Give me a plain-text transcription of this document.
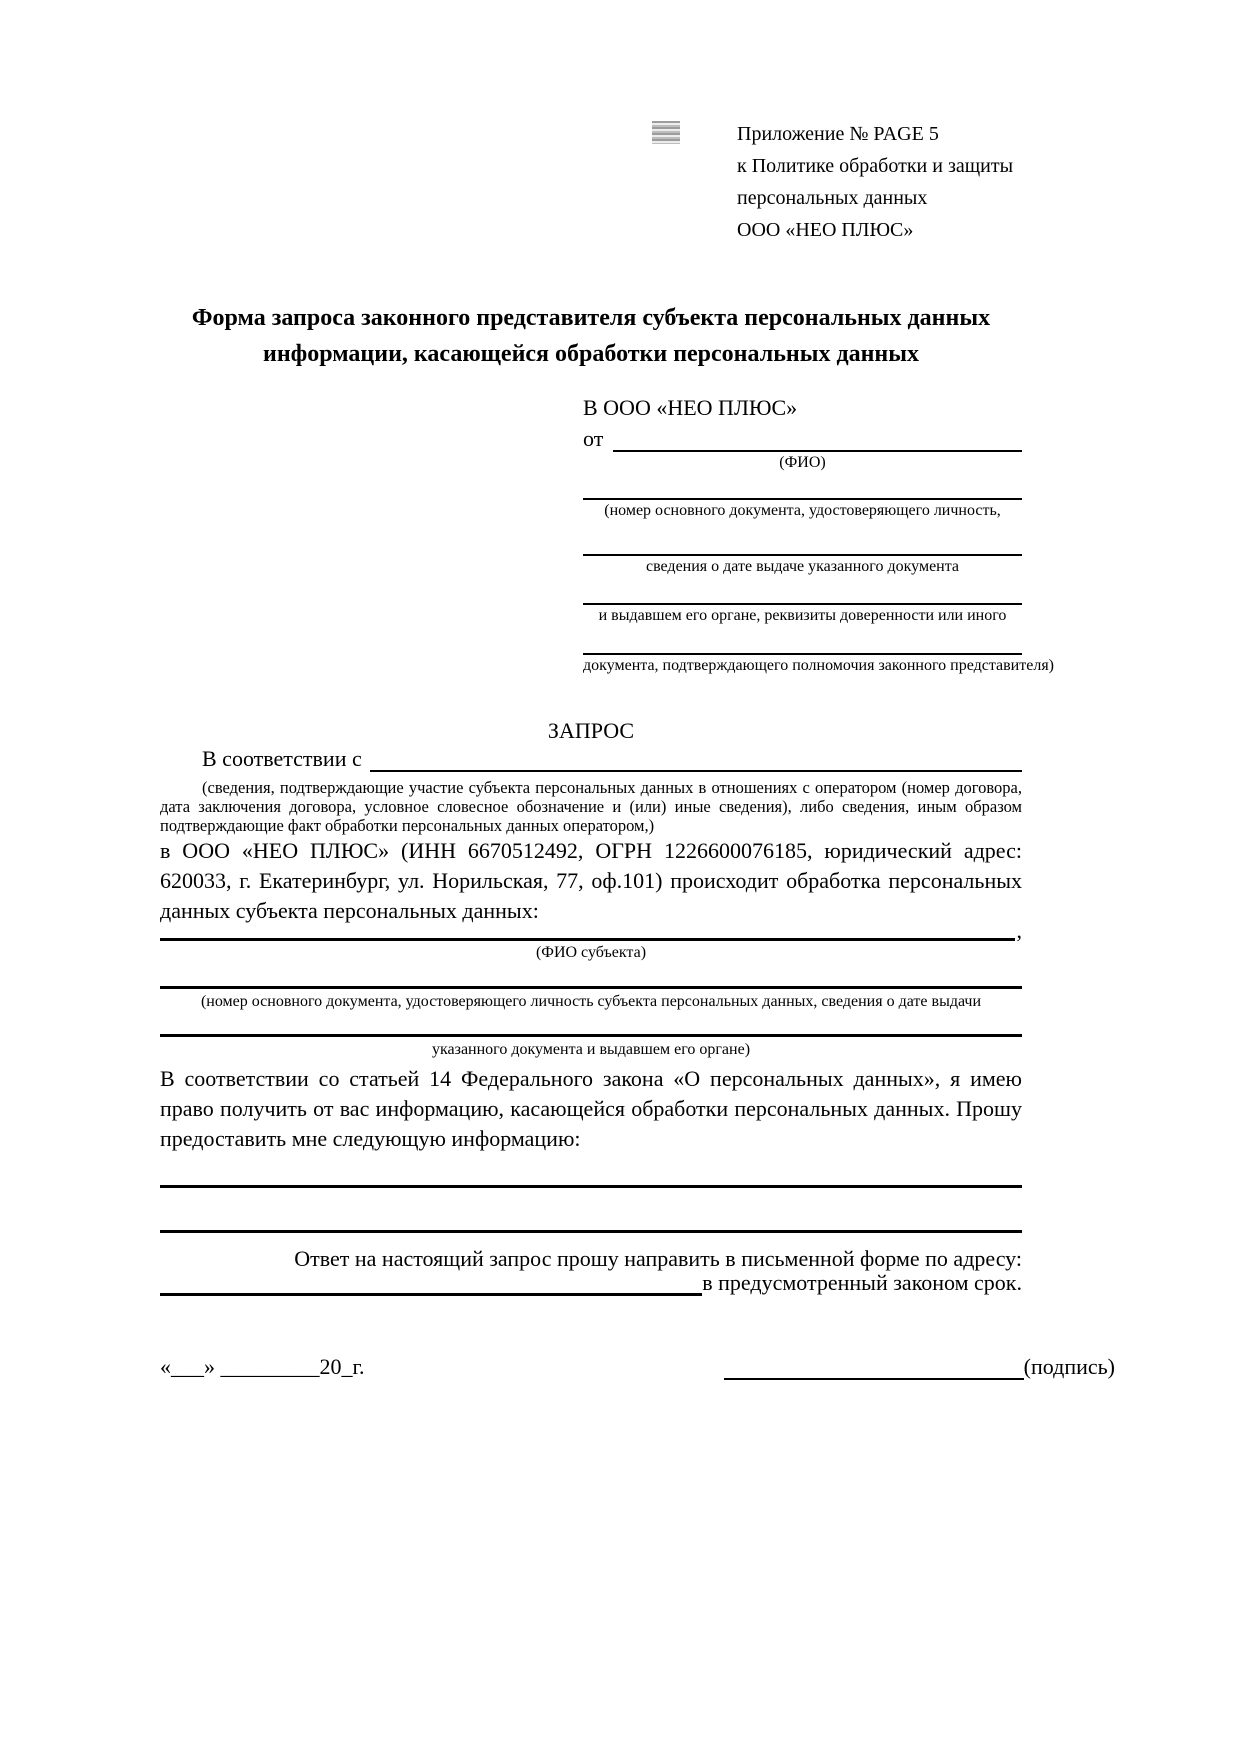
Приложение № PAGE 5
к Политике обработки и защиты
персональных данных
ООО «НЕО ПЛЮС»
Форма запроса законного представителя субъекта персональных данных
информации, касающейся обработки персональных данных
В ООО «НЕО ПЛЮС»
от
(ФИО)
(номер основного документа, удостоверяющего личность,
сведения о дате выдаче указанного документа
и выдавшем его органе, реквизиты доверенности или иного
документа, подтверждающего полномочия законного представителя)
ЗАПРОС
В соответствии с
(сведения, подтверждающие участие субъекта персональных данных в отношениях с оператором (номер договора, дата заключения договора, условное словесное обозначение и (или) иные сведения), либо сведения, иным образом подтверждающие факт обработки персональных данных оператором,)
в ООО «НЕО ПЛЮС» (ИНН 6670512492, ОГРН 1226600076185, юридический адрес: 620033, г. Екатеринбург, ул. Норильская, 77, оф.101) происходит обработка персональных данных субъекта персональных данных:
,
(ФИО субъекта)
(номер основного документа, удостоверяющего личность субъекта персональных данных, сведения о дате выдачи
указанного документа и выдавшем его органе)
В соответствии со статьей 14 Федерального закона «О персональных данных», я имею право получить от вас информацию, касающейся обработки персональных данных. Прошу предоставить мне следующую информацию:
Ответ на настоящий запрос прошу направить в письменной форме по адресу:
в предусмотренный законом срок.
«___» _________20_г.	(подпись)
